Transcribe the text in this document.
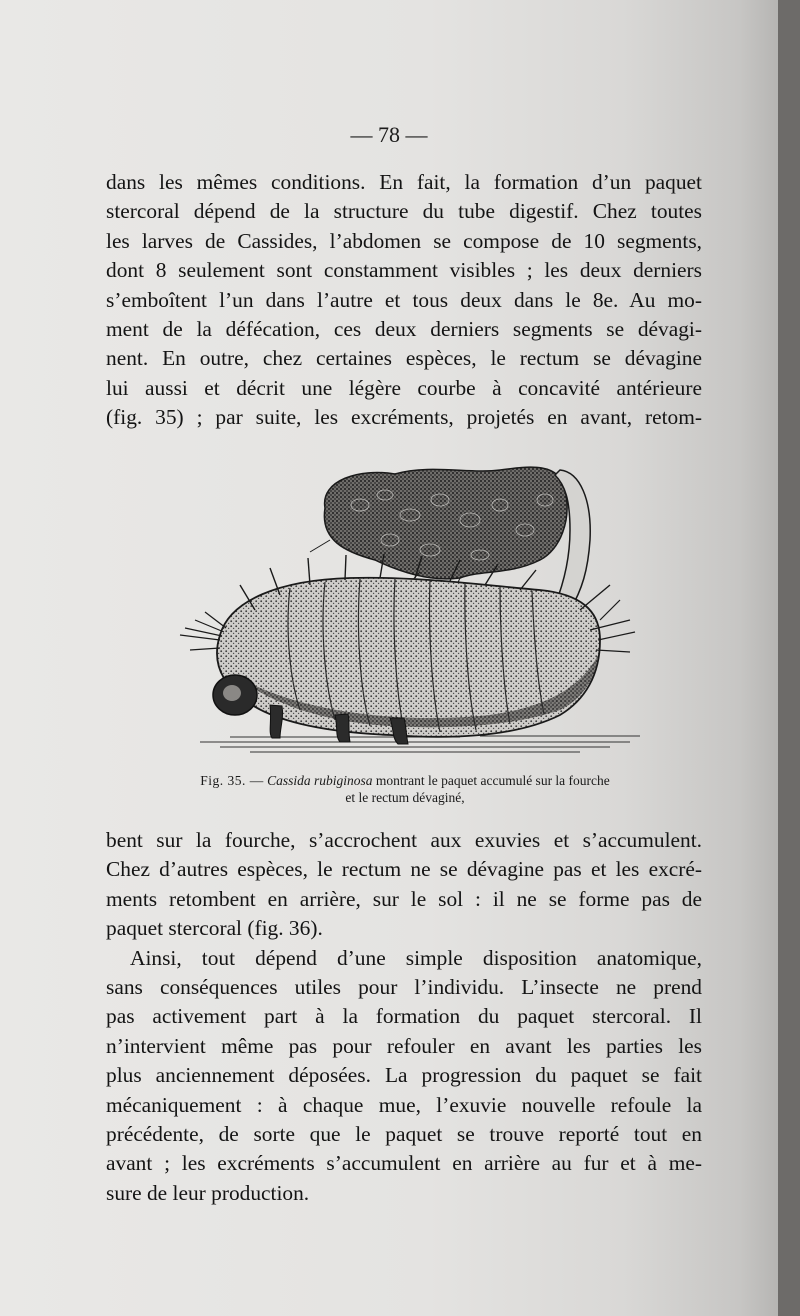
— 78 —

dans les mêmes conditions. En fait, la formation d’un paquet

stercoral dépend de la structure du tube digestif. Chez toutes

les larves de Cassides, l’abdomen se compose de 10 segments,

dont 8 seulement sont constamment visibles ; les deux derniers

s’emboîtent l’un dans l’autre et tous deux dans le 8e. Au mo-

ment de la défécation, ces deux derniers segments se dévagi-

nent. En outre, chez certaines espèces, le rectum se dévagine

lui aussi et décrit une légère courbe à concavité antérieure

(fig. 35) ; par suite, les excréments, projetés en avant, retom-

Fig. 35. — Cassida rubiginosa montrant le paquet accumulé sur la fourche
et le rectum dévaginé,

bent sur la fourche, s’accrochent aux exuvies et s’accumulent.

Chez d’autres espèces, le rectum ne se dévagine pas et les excré-

ments retombent en arrière, sur le sol : il ne se forme pas de

paquet stercoral (fig. 36).

Ainsi, tout dépend d’une simple disposition anatomique,

sans conséquences utiles pour l’individu. L’insecte ne prend

pas activement part à la formation du paquet stercoral. Il

n’intervient même pas pour refouler en avant les parties les

plus anciennement déposées. La progression du paquet se fait

mécaniquement : à chaque mue, l’exuvie nouvelle refoule la

précédente, de sorte que le paquet se trouve reporté tout en

avant ; les excréments s’accumulent en arrière au fur et à me-

sure de leur production.
